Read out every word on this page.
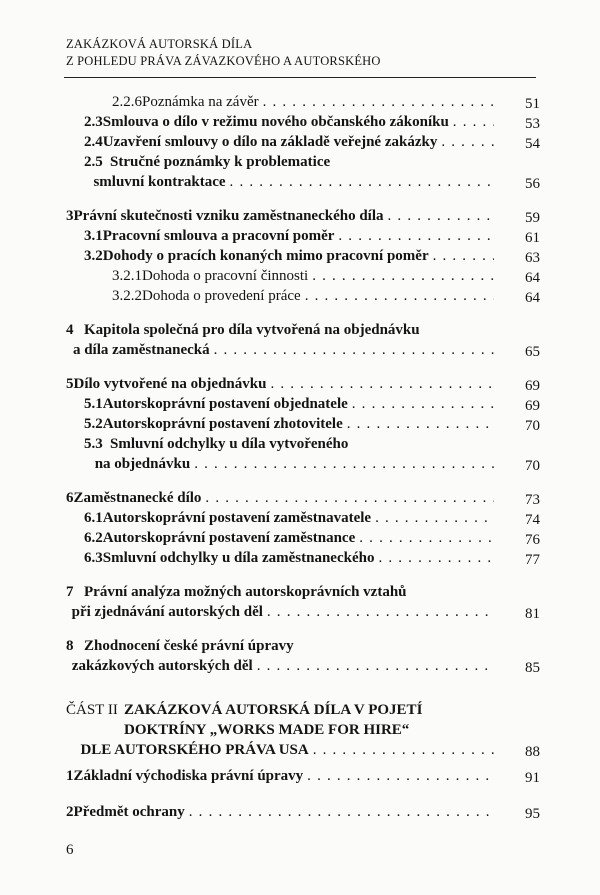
ZAKÁZKOVÁ AUTORSKÁ DÍLA
Z POHLEDU PRÁVA ZÁVAZKOVÉHO A AUTORSKÉHO
2.2.6 Poznámka na závěr . . .	51
2.3 Smlouva o dílo v režimu nového občanského zákoníku . . .	53
2.4 Uzavření smlouvy o dílo na základě veřejné zakázky . . .	54
2.5 Stručné poznámky k problematice
smluvní kontraktace . . .	56
3 Právní skutečnosti vzniku zaměstnaneckého díla . . .	59
3.1 Pracovní smlouva a pracovní poměr . . .	61
3.2 Dohody o pracích konaných mimo pracovní poměr . . .	63
3.2.1 Dohoda o pracovní činnosti . . .	64
3.2.2 Dohoda o provedení práce . . .	64
4 Kapitola společná pro díla vytvořená na objednávku
a díla zaměstnanecká . . .	65
5 Dílo vytvořené na objednávku . . .	69
5.1 Autorskoprávní postavení objednatele . . .	69
5.2 Autorskoprávní postavení zhotovitele . . .	70
5.3 Smluvní odchylky u díla vytvořeného
na objednávku . . .	70
6 Zaměstnanecké dílo . . .	73
6.1 Autorskoprávní postavení zaměstnavatele . . .	74
6.2 Autorskoprávní postavení zaměstnance . . .	76
6.3 Smluvní odchylky u díla zaměstnaneckého . . .	77
7 Právní analýza možných autorskoprávních vztahů
při zjednávání autorských děl . . .	81
8 Zhodnocení české právní úpravy
zakázkových autorských děl . . .	85
ČÁST II ZAKÁZKOVÁ AUTORSKÁ DÍLA V POJETÍ
DOKTRÍNY „WORKS MADE FOR HIRE“
DLE AUTORSKÉHO PRÁVA USA . . .	88
1 Základní východiska právní úpravy . . .	91
2 Předmět ochrany . . .	95
6
